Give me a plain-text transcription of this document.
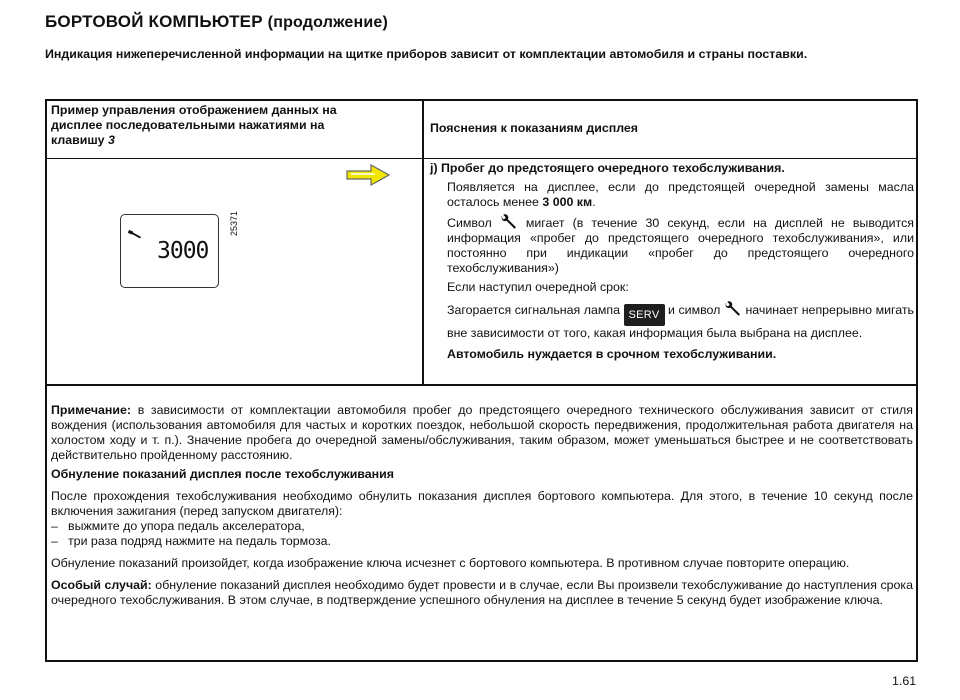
БОРТОВОЙ КОМПЬЮТЕР (продолжение)
Индикация нижеперечисленной информации на щитке приборов зависит от комплектации автомобиля и страны поставки.
Пример управления отображением данных на дисплее последовательными нажатиями на клавишу 3
Пояснения к показаниям дисплея
3000
25371
j) Пробег до предстоящего очередного техобслуживания.
Появляется на дисплее, если до предстоящей очередной замены масла осталось менее 3 000 км.
Символ	мигает (в течение 30 секунд, если на дисплей не выводится информация «пробег до предстоящего очередного техобслуживания», или постоянно при индикации «пробег до предстоящего очередного техобслуживания»)
Если наступил очередной срок:
Загорается сигнальная лампа SERV и символ начинает непрерывно мигать вне зависимости от того, какая информация была выбрана на дисплее.
Автомобиль нуждается в срочном техобслуживании.

Примечание: в зависимости от комплектации автомобиля пробег до предстоящего очередного технического обслуживания зависит от стиля вождения (использования автомобиля для частых и коротких поездок, небольшой скорость передвижения, продолжительная работа двигателя на холостом ходу и т. п.). Значение пробега до очередной замены/обслуживания, таким образом, может уменьшаться быстрее и не соответствовать действительно пройденному расстоянию.

Обнуление показаний дисплея после техобслуживания

После прохождения техобслуживания необходимо обнулить показания дисплея бортового компьютера. Для этого, в течение 10 секунд после включения зажигания (перед запуском двигателя):

– выжмите до упора педаль акселератора,
– три раза подряд нажмите на педаль тормоза.

Обнуление показаний произойдет, когда изображение ключа исчезнет с бортового компьютера. В противном случае повторите операцию.

Особый случай: обнуление показаний дисплея необходимо будет провести и в случае, если Вы произвели техобслуживание до наступления срока очередного техобслуживания. В этом случае, в подтверждение успешного обнуления на дисплее в течение 5 секунд будет изображение ключа.

1.61
